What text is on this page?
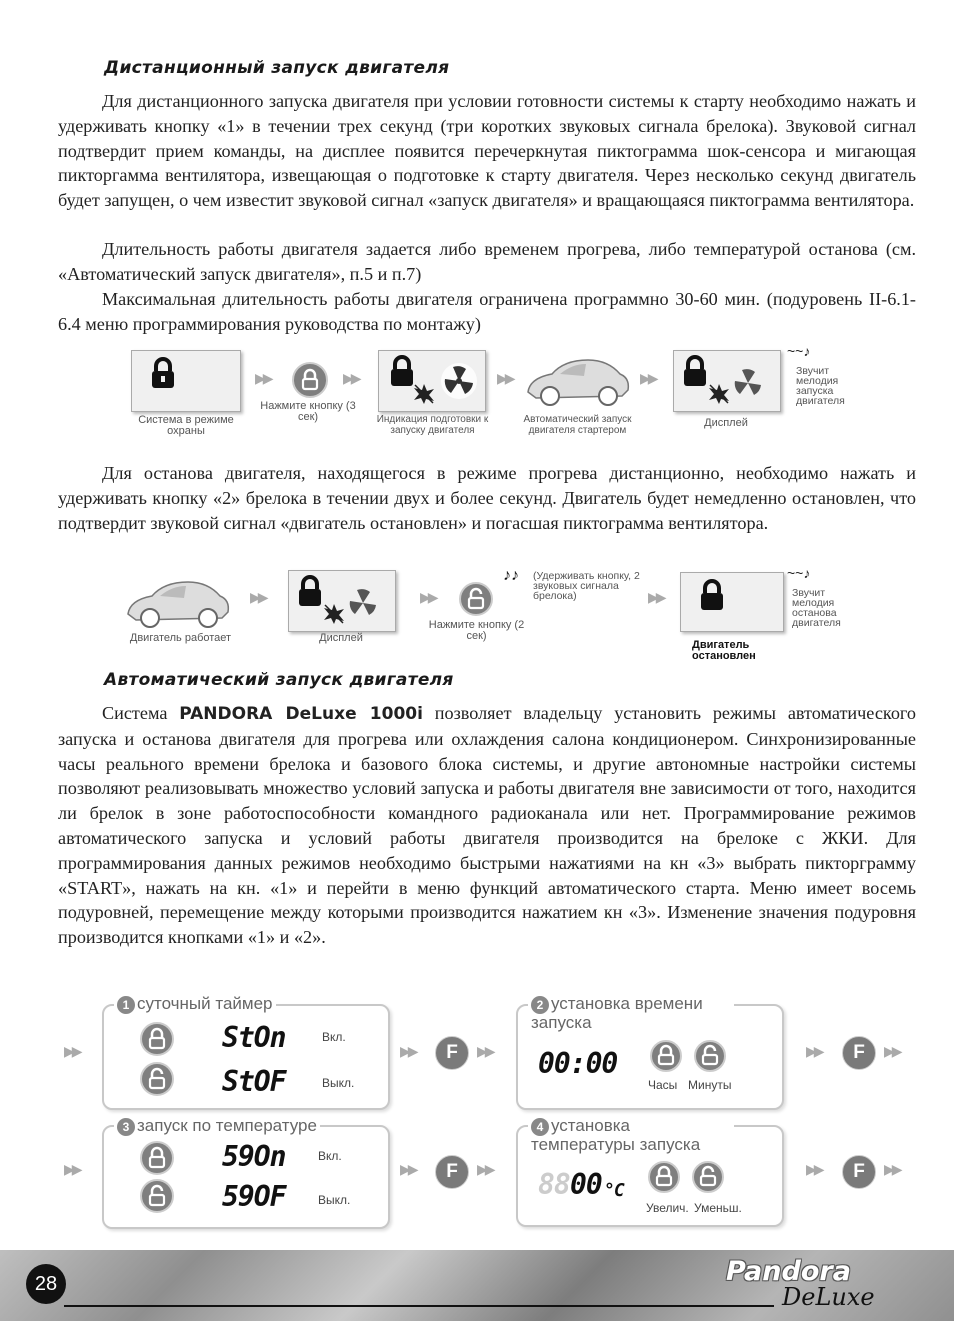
Дистанционный запуск двигателя

Для дистанционного запуска двигателя при условии готовности системы к старту необходимо нажать и удерживать кнопку «1» в течении трех секунд (три коротких звуковых сигнала брелока). Звуковой сигнал подтвердит прием команды, на дисплее появится перечеркнутая пиктограмма шок-сенсора и мигающая пикторгамма вентилятора, извещающая о подготовке к старту двигателя. Через несколько секунд двигатель будет запущен, о чем известит звуковой сигнал «запуск двигателя» и вращающаяся пиктограмма вентилятора.

Длительность работы двигателя задается либо временем прогрева, либо температурой останова (см. «Автоматический запуск двигателя», п.5 и п.7)

Максимальная длительность работы двигателя ограничена программно 30-60 мин. (подуровень II-6.1-6.4 меню программирования руководства по монтажу)

Система в режиме охраны
▶▶
Нажмите кнопку (3 сек)
▶▶
Индикация подготовки к запуску двигателя
▶▶
Автоматический запуск двигателя стартером
▶▶
Дисплей
~~♪
Звучит мелодия запуска двигателя

Для останова двигателя, находящегося в режиме прогрева дистанционно, необходимо нажать и удерживать кнопку «2» брелока в течении двух и более секунд. Двигатель будет немедленно остановлен, что подтвердит звуковой сигнал «двигатель остановлен» и погасшая пиктограмма вентилятора.

Двигатель работает
▶▶
Дисплей
▶▶
Нажмите кнопку (2 сек)
♪♪ (Удерживать кнопку, 2 звуковых сигнала брелока)	▶▶
Двигатель остановлен
~~♪
Звучит мелодия останова двигателя
Автоматический запуск двигателя

Система PANDORA DeLuxe 1000i позволяет владельцу установить режимы автоматического запуска и останова двигателя для прогрева или охлаждения салона кондиционером. Синхронизированные часы реального времени брелока и базового блока системы, и другие автономные настройки системы позволяют реализовывать множество условий запуска и работы двигателя вне зависимости от того, находится ли брелок в зоне работоспособности командного радиоканала или нет. Программирование режимов автоматического запуска и условий работы двигателя производится на брелоке с ЖКИ. Для программирования данных режимов необходимо быстрыми нажатиями на кн «3» выбрать пикторграмму «START», нажать на кн. «1» и перейти в меню функций автоматического старта. Меню имеет восемь подуровней, перемещение между которыми производится нажатием кн «3». Изменение значения подуровня производится кнопками «1» и «2».

▶▶	StOn
StOF
Вкл.
Выкл.
1 суточный таймер
▶▶	F	▶▶ 00:00
Часы Минуты
2 установка времени запуска
▶▶	F	▶▶
▶▶	59On
59OF
Вкл.
Выкл.
3 запуск по температуре
▶▶	F	▶▶ 88 00 °C
Увелич. Уменьш.
4 установка температуры запуска
▶▶	F	▶▶
28	Pandora
DeLuxe
